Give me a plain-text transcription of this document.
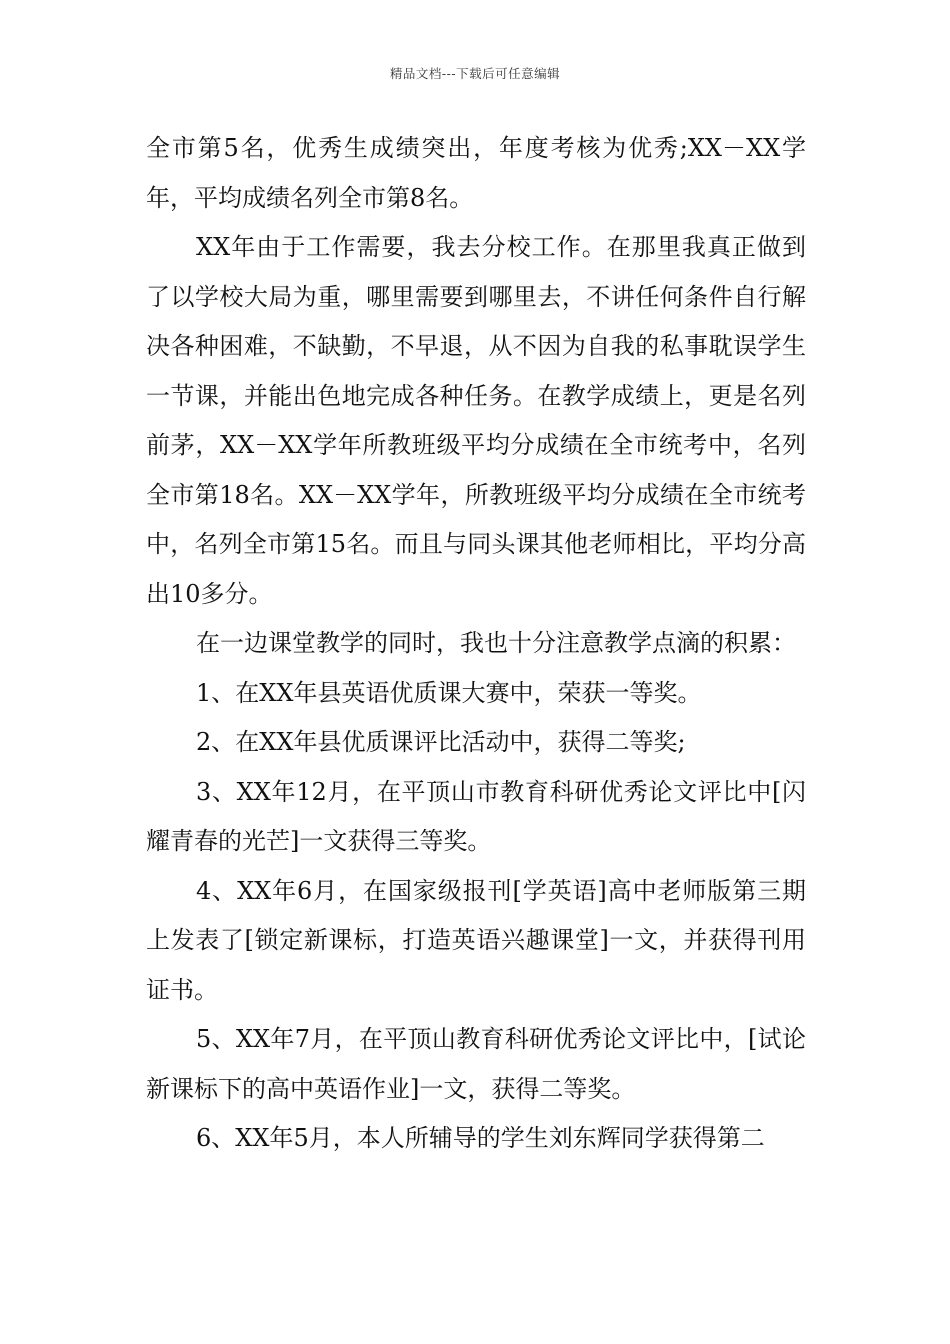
精品文档---下载后可任意编辑

全市第5名，优秀生成绩突出，年度考核为优秀;XX－XX学年，平均成绩名列全市第8名。

XX年由于工作需要，我去分校工作。在那里我真正做到了以学校大局为重，哪里需要到哪里去，不讲任何条件自行解决各种困难，不缺勤，不早退，从不因为自我的私事耽误学生一节课，并能出色地完成各种任务。在教学成绩上，更是名列前茅，XX－XX学年所教班级平均分成绩在全市统考中，名列全市第18名。XX－XX学年，所教班级平均分成绩在全市统考中，名列全市第15名。而且与同头课其他老师相比，平均分高出10多分。

在一边课堂教学的同时，我也十分注意教学点滴的积累：

1、在XX年县英语优质课大赛中，荣获一等奖。

2、在XX年县优质课评比活动中，获得二等奖;

3、XX年12月，在平顶山市教育科研优秀论文评比中[闪耀青春的光芒]一文获得三等奖。

4、XX年6月，在国家级报刊[学英语]高中老师版第三期上发表了[锁定新课标，打造英语兴趣课堂]一文，并获得刊用证书。

5、XX年7月，在平顶山教育科研优秀论文评比中，[试论新课标下的高中英语作业]一文，获得二等奖。

6、XX年5月，本人所辅导的学生刘东辉同学获得第二
